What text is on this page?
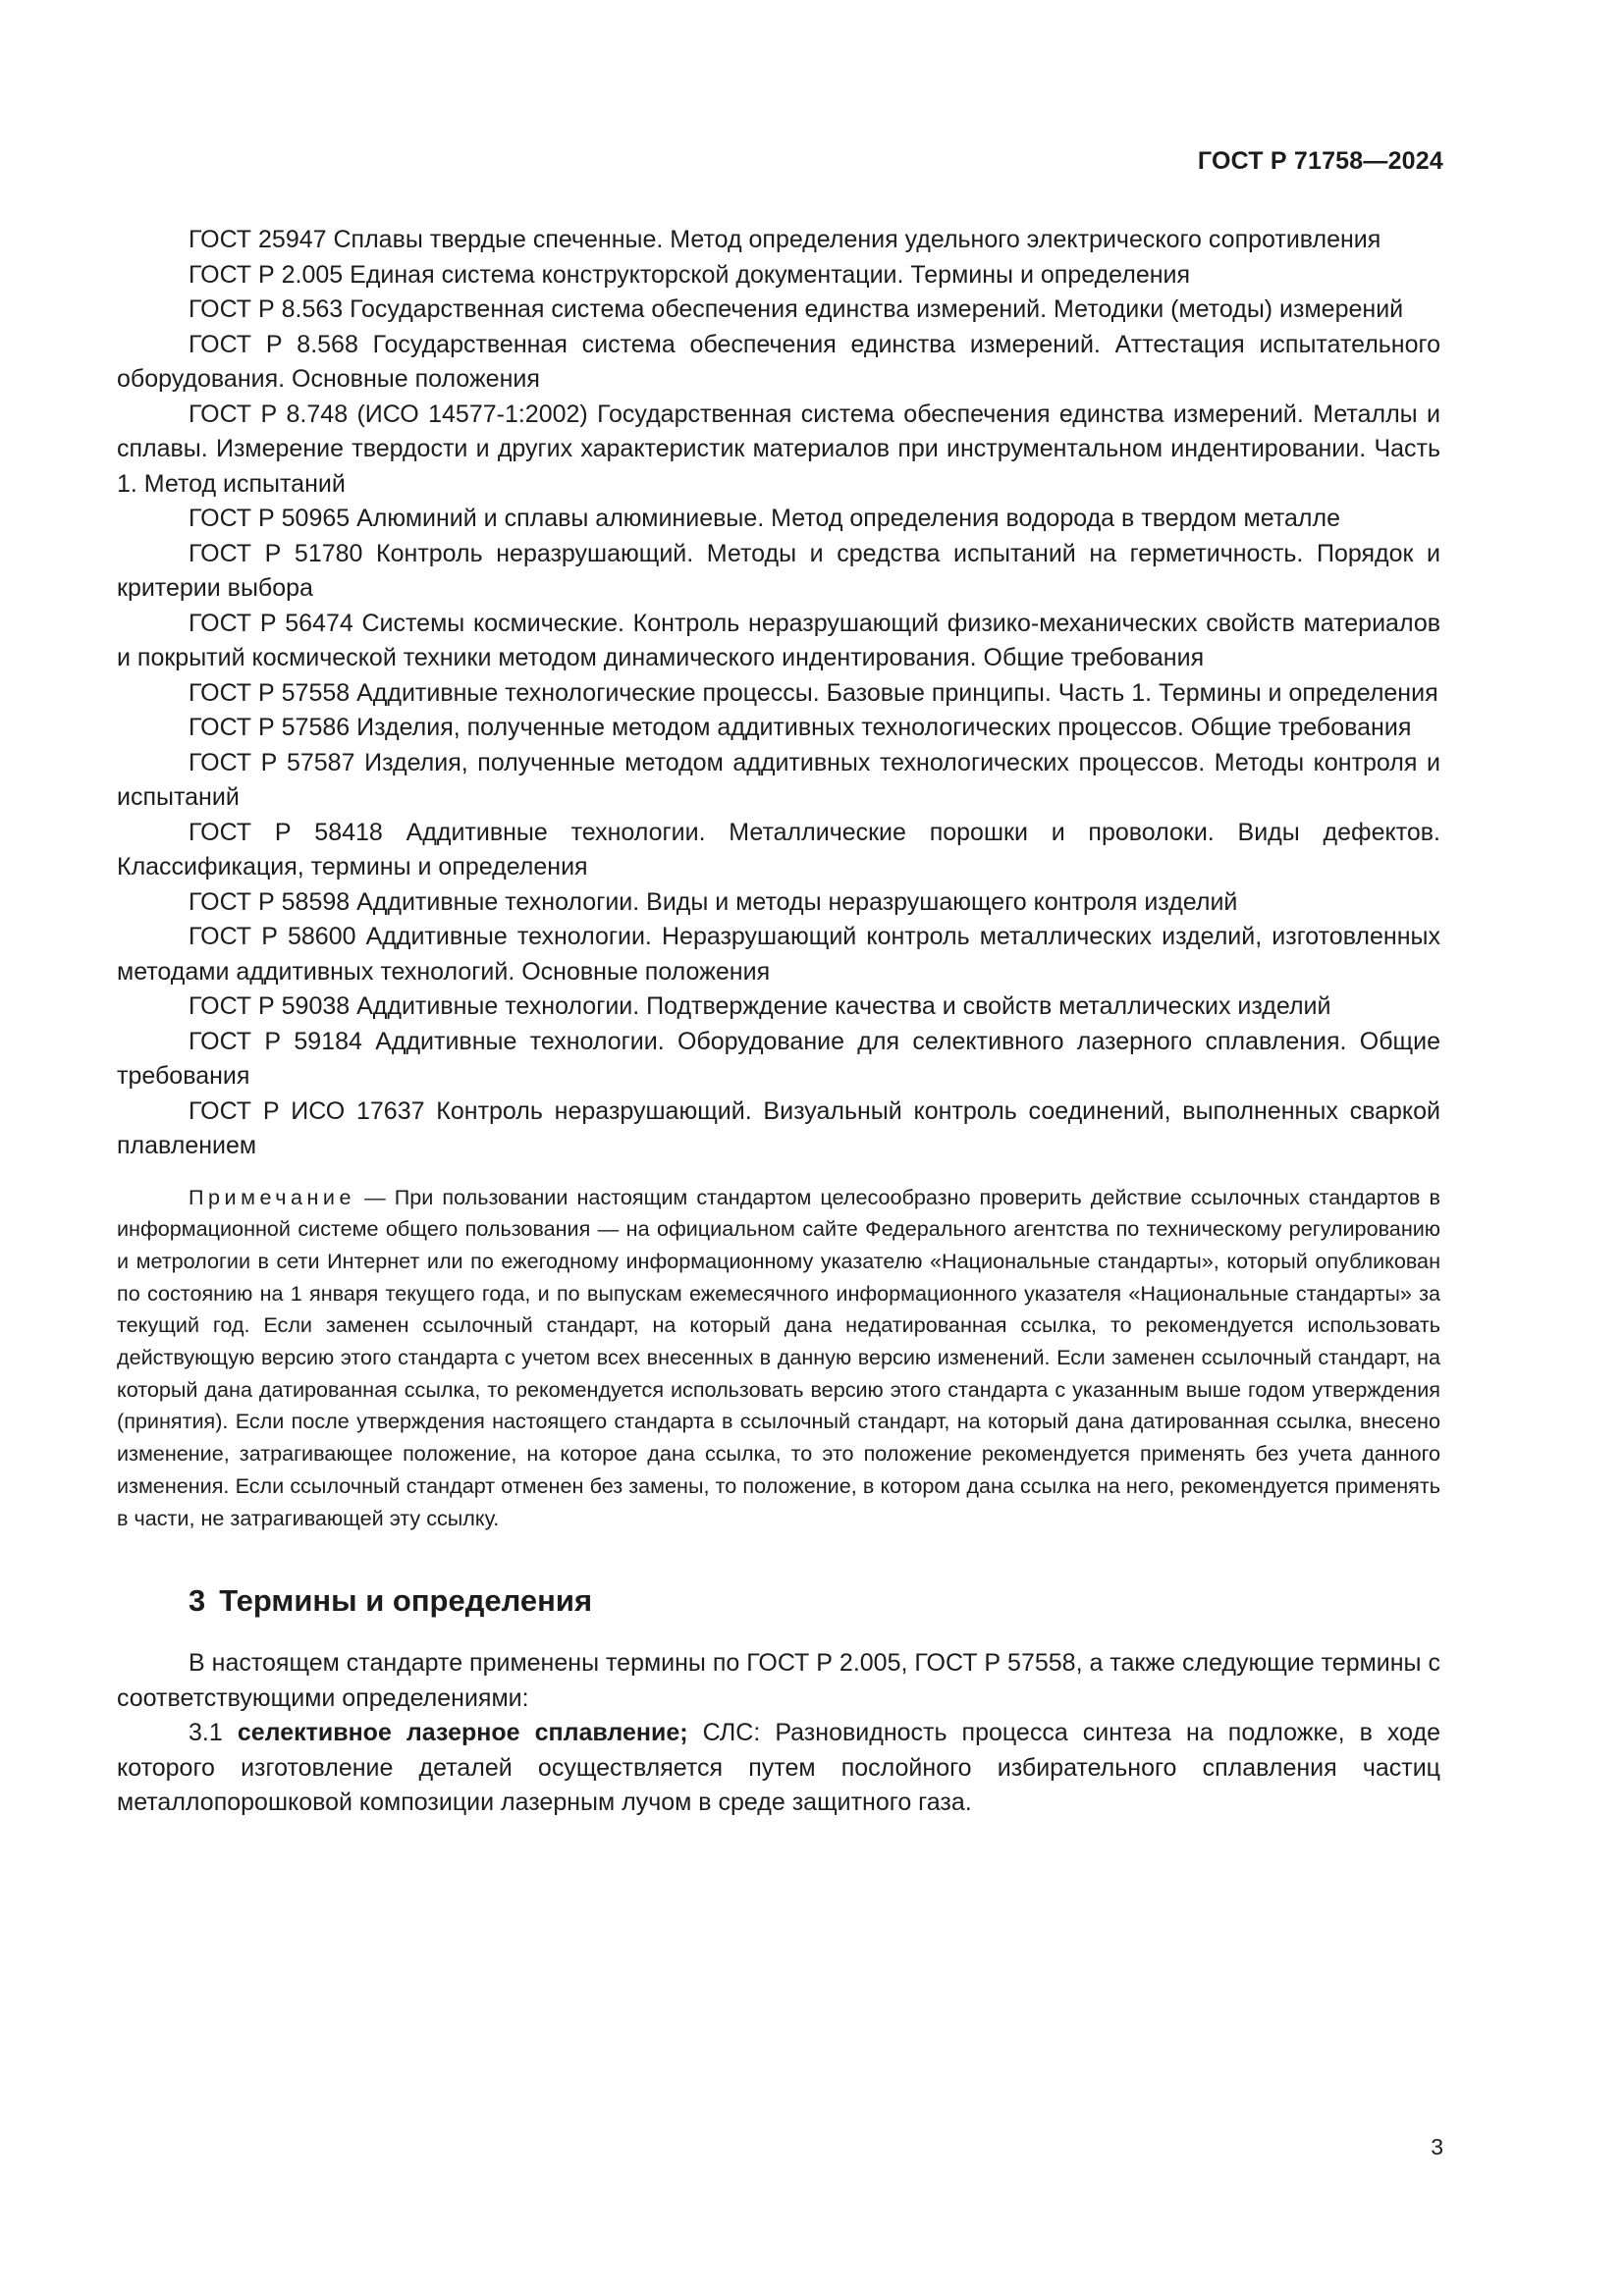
ГОСТ Р 71758—2024

ГОСТ 25947 Сплавы твердые спеченные. Метод определения удельного электрического сопротивления

ГОСТ Р 2.005 Единая система конструкторской документации. Термины и определения

ГОСТ Р 8.563 Государственная система обеспечения единства измерений. Методики (методы) измерений

ГОСТ Р 8.568 Государственная система обеспечения единства измерений. Аттестация испытательного оборудования. Основные положения

ГОСТ Р 8.748 (ИСО 14577-1:2002) Государственная система обеспечения единства измерений. Металлы и сплавы. Измерение твердости и других характеристик материалов при инструментальном индентировании. Часть 1. Метод испытаний

ГОСТ Р 50965 Алюминий и сплавы алюминиевые. Метод определения водорода в твердом металле

ГОСТ Р 51780 Контроль неразрушающий. Методы и средства испытаний на герметичность. Порядок и критерии выбора

ГОСТ Р 56474 Системы космические. Контроль неразрушающий физико-механических свойств материалов и покрытий космической техники методом динамического индентирования. Общие требования

ГОСТ Р 57558 Аддитивные технологические процессы. Базовые принципы. Часть 1. Термины и определения

ГОСТ Р 57586 Изделия, полученные методом аддитивных технологических процессов. Общие требования

ГОСТ Р 57587 Изделия, полученные методом аддитивных технологических процессов. Методы контроля и испытаний

ГОСТ Р 58418 Аддитивные технологии. Металлические порошки и проволоки. Виды дефектов. Классификация, термины и определения

ГОСТ Р 58598 Аддитивные технологии. Виды и методы неразрушающего контроля изделий

ГОСТ Р 58600 Аддитивные технологии. Неразрушающий контроль металлических изделий, изготовленных методами аддитивных технологий. Основные положения

ГОСТ Р 59038 Аддитивные технологии. Подтверждение качества и свойств металлических изделий

ГОСТ Р 59184 Аддитивные технологии. Оборудование для селективного лазерного сплавления. Общие требования

ГОСТ Р ИСО 17637 Контроль неразрушающий. Визуальный контроль соединений, выполненных сваркой плавлением

Примечание — При пользовании настоящим стандартом целесообразно проверить действие ссылочных стандартов в информационной системе общего пользования — на официальном сайте Федерального агентства по техническому регулированию и метрологии в сети Интернет или по ежегодному информационному указателю «Национальные стандарты», который опубликован по состоянию на 1 января текущего года, и по выпускам ежемесячного информационного указателя «Национальные стандарты» за текущий год. Если заменен ссылочный стандарт, на который дана недатированная ссылка, то рекомендуется использовать действующую версию этого стандарта с учетом всех внесенных в данную версию изменений. Если заменен ссылочный стандарт, на который дана датированная ссылка, то рекомендуется использовать версию этого стандарта с указанным выше годом утверждения (принятия). Если после утверждения настоящего стандарта в ссылочный стандарт, на который дана датированная ссылка, внесено изменение, затрагивающее положение, на которое дана ссылка, то это положение рекомендуется применять без учета данного изменения. Если ссылочный стандарт отменен без замены, то положение, в котором дана ссылка на него, рекомендуется применять в части, не затрагивающей эту ссылку.
3 Термины и определения

В настоящем стандарте применены термины по ГОСТ Р 2.005, ГОСТ Р 57558, а также следующие термины с соответствующими определениями:

3.1 селективное лазерное сплавление; СЛС: Разновидность процесса синтеза на подложке, в ходе которого изготовление деталей осуществляется путем послойного избирательного сплавления частиц металлопорошковой композиции лазерным лучом в среде защитного газа.

3
